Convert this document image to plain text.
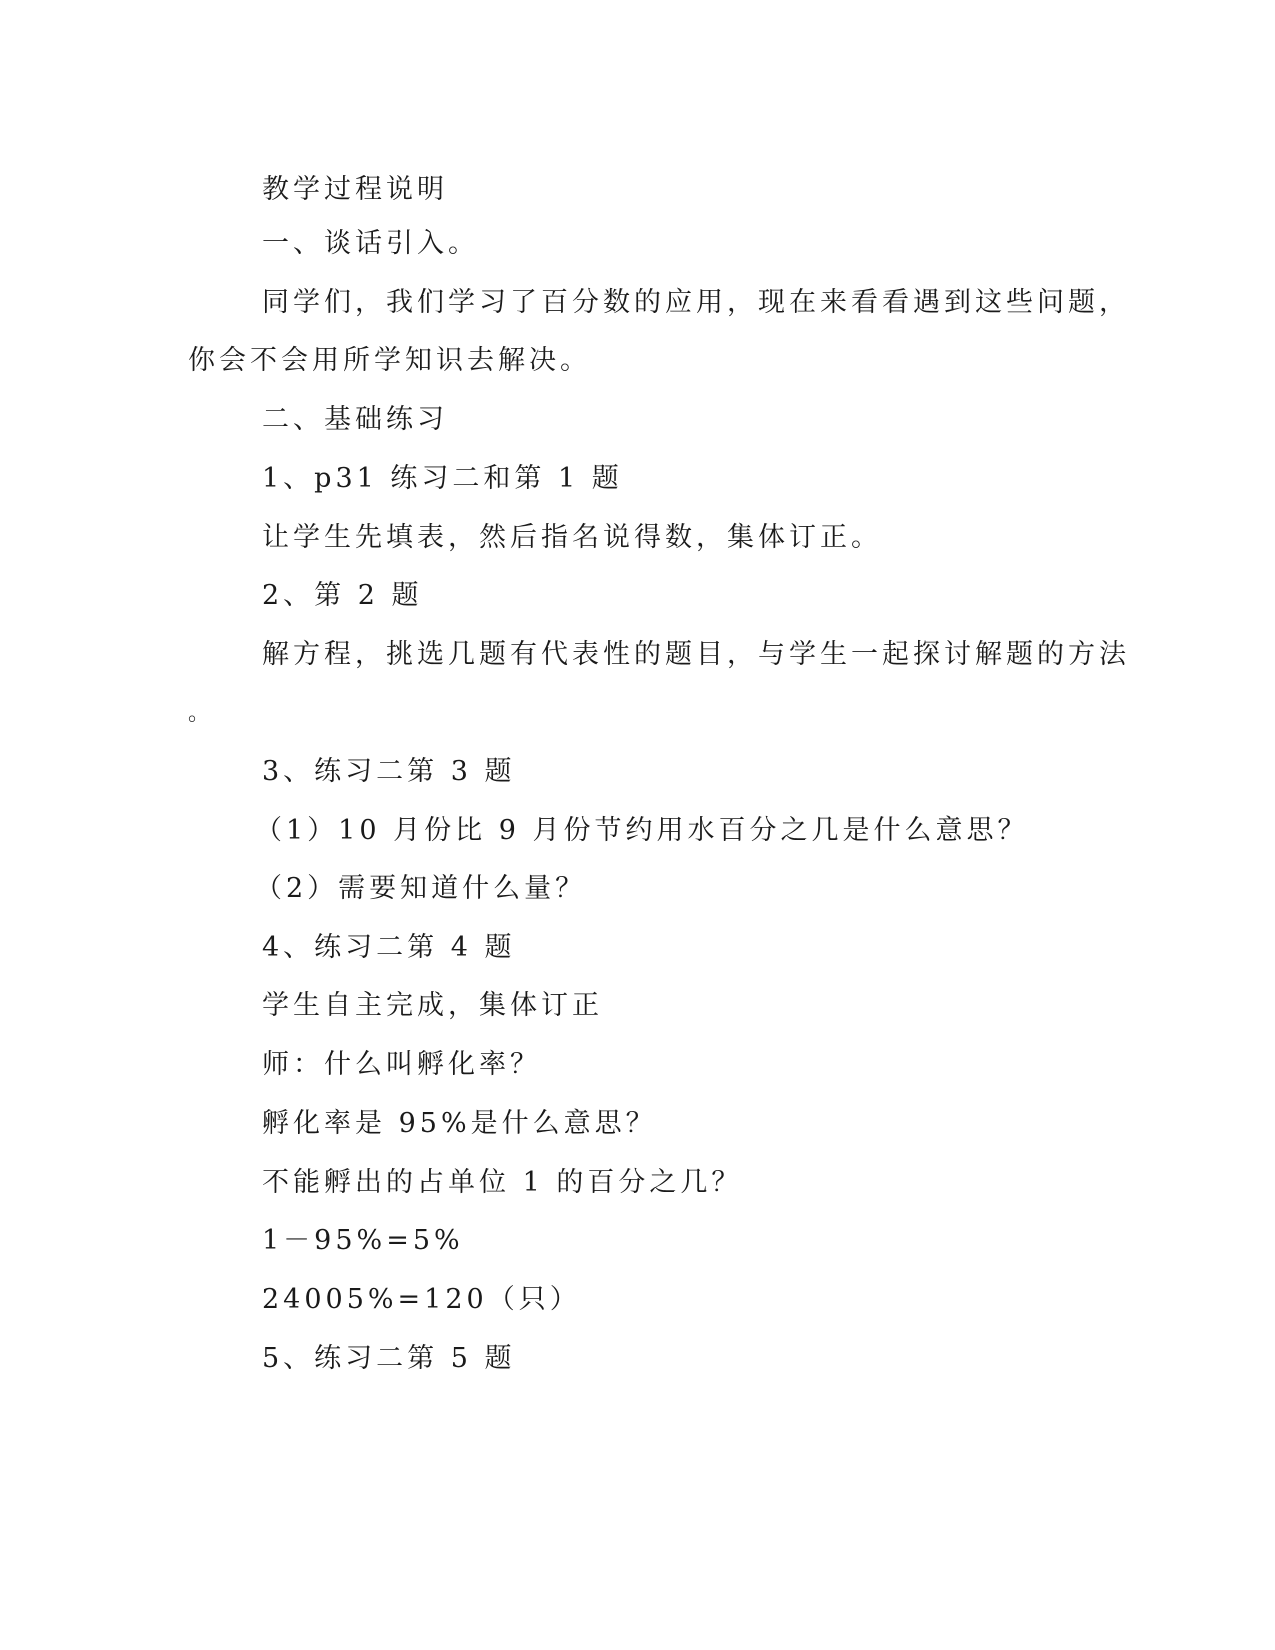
教学过程说明
一、谈话引入。
同学们，我们学习了百分数的应用，现在来看看遇到这些问题，
你会不会用所学知识去解决。
二、基础练习
1、p31 练习二和第 1 题
让学生先填表，然后指名说得数，集体订正。
2、第 2 题
解方程，挑选几题有代表性的题目，与学生一起探讨解题的方法
。
3、练习二第 3 题
（1）10 月份比 9 月份节约用水百分之几是什么意思？
（2）需要知道什么量？
4、练习二第 4 题
学生自主完成，集体订正
师：什么叫孵化率？
孵化率是 95%是什么意思？
不能孵出的占单位 1 的百分之几？
1－95%=5%
24005%=120（只）
5、练习二第 5 题
